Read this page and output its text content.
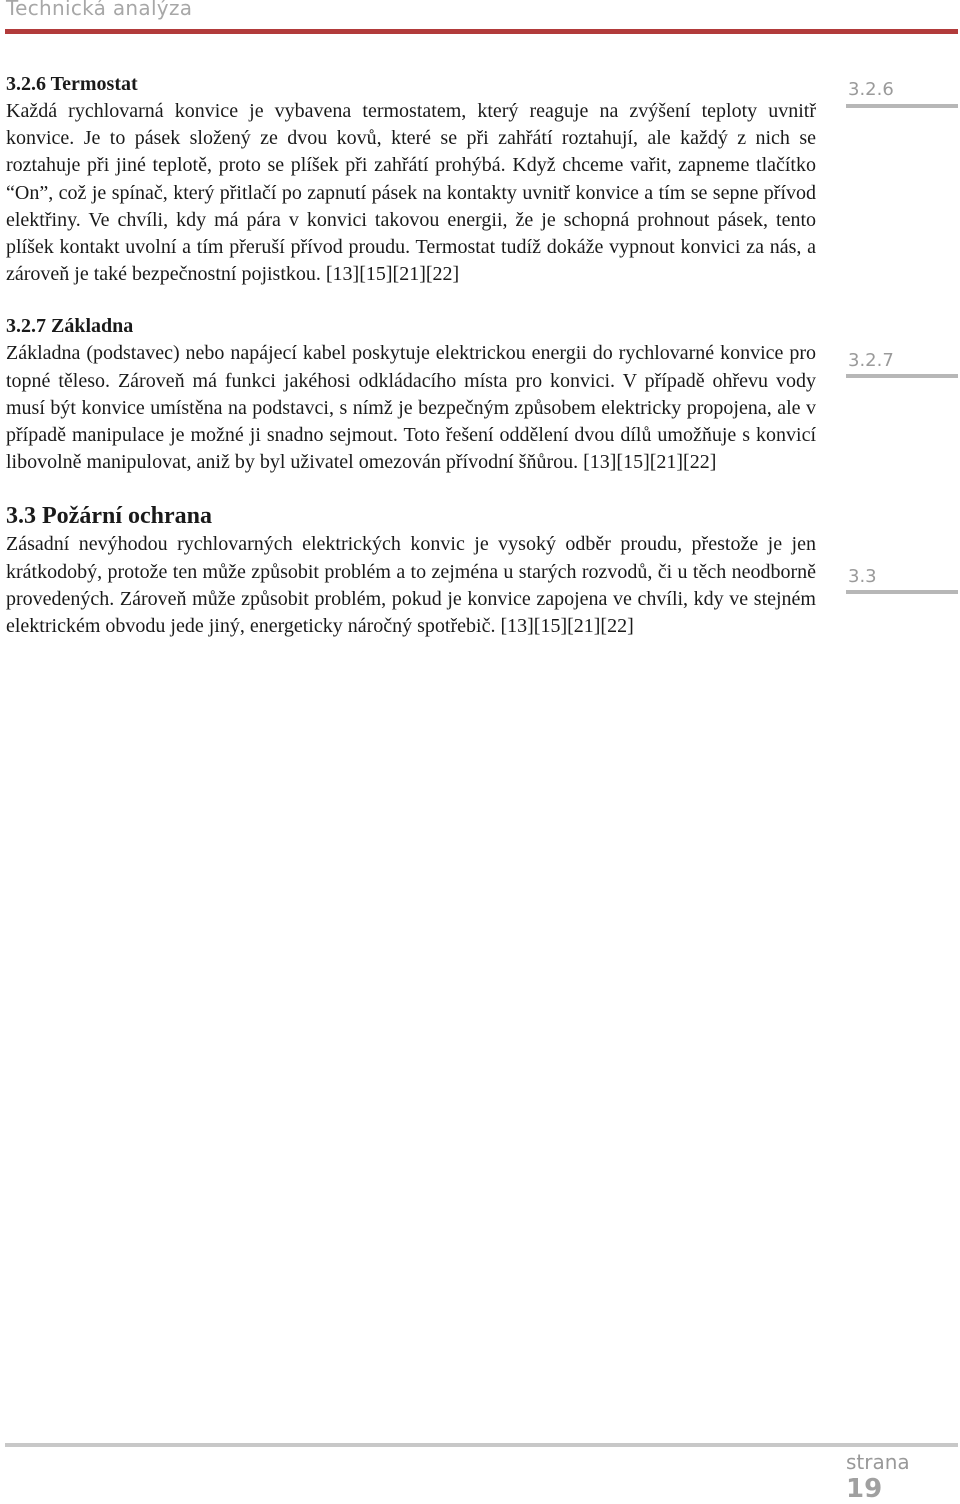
Technická analýza
3.2.6 Termostat

Každá rychlovarná konvice je vybavena termostatem, který reaguje na zvýšení teploty uvnitř konvice. Je to pásek složený ze dvou kovů, které se při zahřátí roztahují, ale každý z nich se roztahuje při jiné teplotě, proto se plíšek při zahřátí prohýbá. Když chceme vařit, zapneme tlačítko “On”, což je spínač, který přitlačí po zapnutí pásek na kontakty uvnitř konvice a tím se sepne přívod elektřiny. Ve chvíli, kdy má pára v konvici takovou energii, že je schopná prohnout pásek, tento plíšek kontakt uvolní a tím přeruší přívod proudu. Termostat tudíž dokáže vypnout konvici za nás, a zároveň je také bezpečnostní pojistkou. [13][15][21][22]

3.2.7 Základna

Základna (podstavec) nebo napájecí kabel poskytuje elektrickou energii do rychlovarné konvice pro topné těleso. Zároveň má funkci jakéhosi odkládacího místa pro konvici. V případě ohřevu vody musí být konvice umístěna na podstavci, s nímž je bezpečným způsobem elektricky propojena, ale v případě manipulace je možné ji snadno sejmout. Toto řešení oddělení dvou dílů umožňuje s konvicí libovolně manipulovat, aniž by byl uživatel omezován přívodní šňůrou. [13][15][21][22]

3.3 Požární ochrana

Zásadní nevýhodou rychlovarných elektrických konvic je vysoký odběr proudu, přestože je jen krátkodobý, protože ten může způsobit problém a to zejména u starých rozvodů, či u těch neodborně provedených. Zároveň může způsobit problém, pokud je konvice zapojena ve chvíli, kdy ve stejném elektrickém obvodu jede jiný, energeticky náročný spotřebič. [13][15][21][22]

3.2.6
3.2.7
3.3
strana
19
